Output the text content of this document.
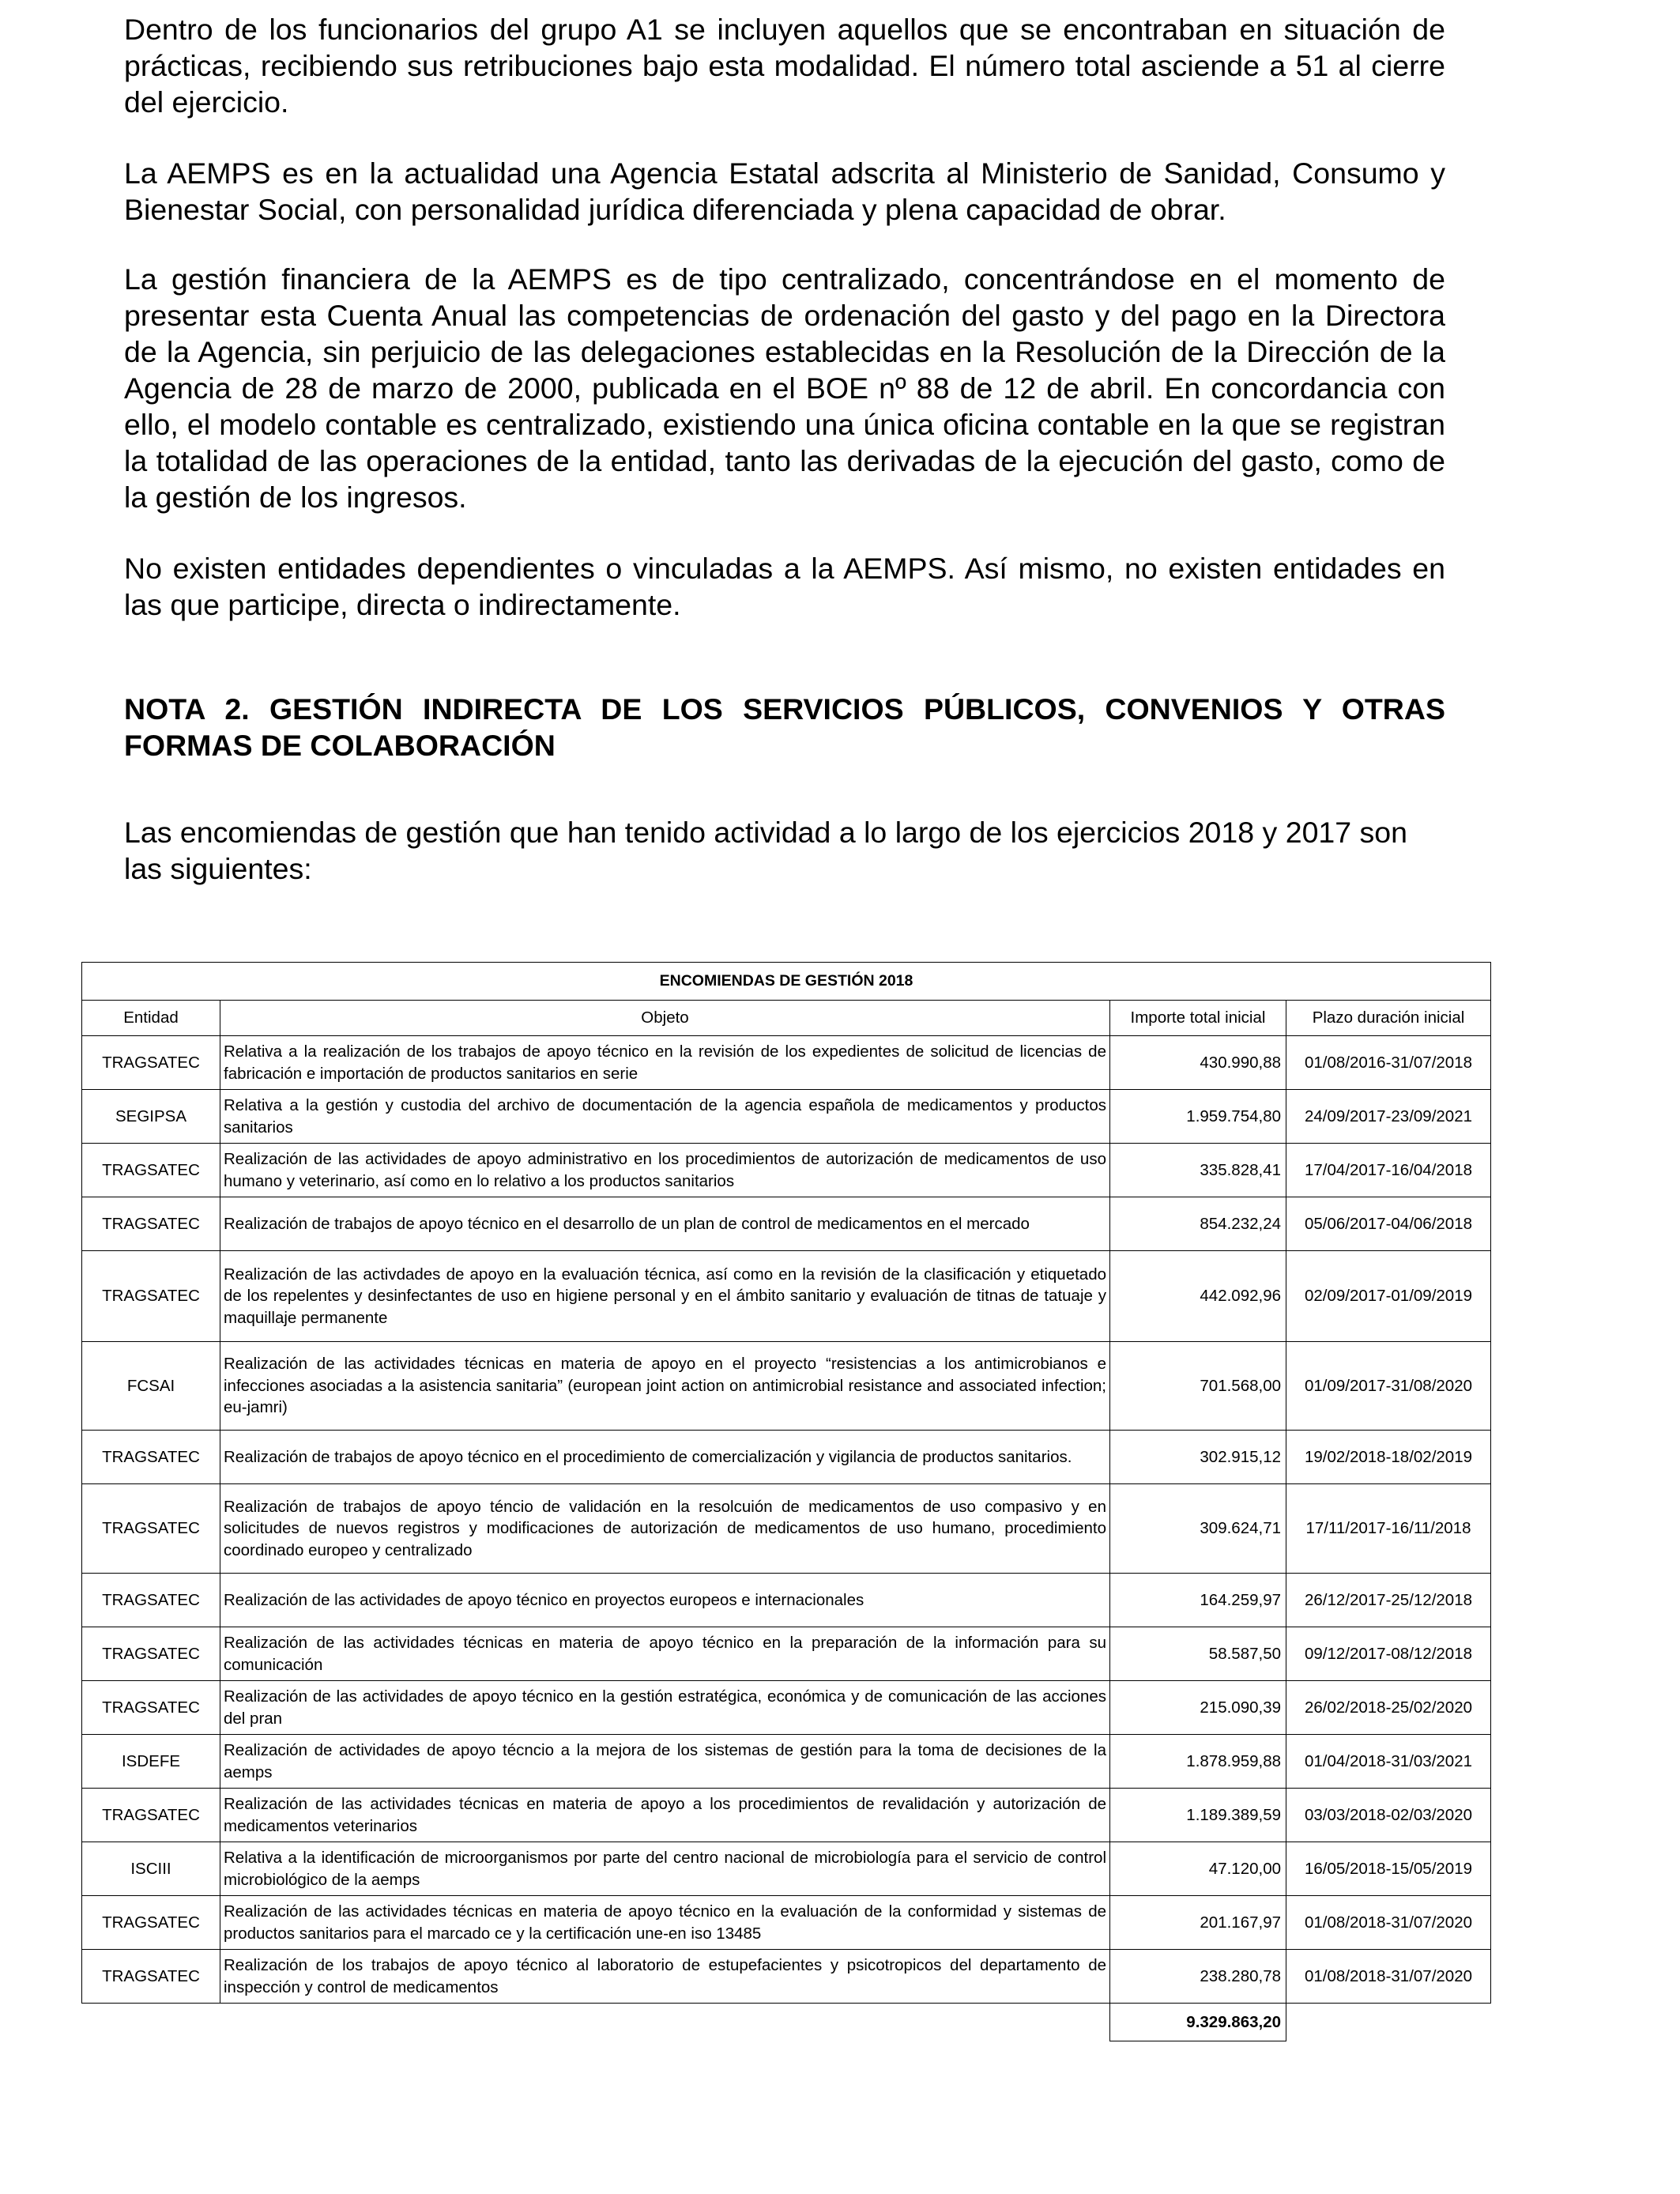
Dentro de los funcionarios del grupo A1 se incluyen aquellos que se encontraban en situación de prácticas, recibiendo sus retribuciones bajo esta modalidad. El número total asciende a 51 al cierre del ejercicio.

La AEMPS es en la actualidad una Agencia Estatal adscrita al Ministerio de Sanidad, Consumo y Bienestar Social, con personalidad jurídica diferenciada y plena capacidad de obrar.

La gestión financiera de la AEMPS es de tipo centralizado, concentrándose en el momento de presentar esta Cuenta Anual las competencias de ordenación del gasto y del pago en la Directora de la Agencia, sin perjuicio de las delegaciones establecidas en la Resolución de la Dirección de la Agencia de 28 de marzo de 2000, publicada en el BOE nº 88 de 12 de abril. En concordancia con ello, el modelo contable es centralizado, existiendo una única oficina contable en la que se registran la totalidad de las operaciones de la entidad, tanto las derivadas de la ejecución del gasto, como de la gestión de los ingresos.

No existen entidades dependientes o vinculadas a la AEMPS. Así mismo, no existen entidades en las que participe, directa o indirectamente.

NOTA 2. GESTIÓN INDIRECTA DE LOS SERVICIOS PÚBLICOS, CONVENIOS Y OTRAS FORMAS DE COLABORACIÓN

Las encomiendas de gestión que han tenido actividad a lo largo de los ejercicios 2018 y 2017 son las siguientes:

ENCOMIENDAS DE GESTIÓN 2018			
Entidad	Objeto	Importe total inicial	Plazo duración inicial
TRAGSATEC	Relativa a la realización de los trabajos de apoyo técnico en la revisión de los expedientes de solicitud de licencias de fabricación e importación de productos sanitarios en serie	430.990,88	01/08/2016-31/07/2018
SEGIPSA	Relativa a la gestión y custodia del archivo de documentación de la agencia española de medicamentos y productos sanitarios	1.959.754,80	24/09/2017-23/09/2021
TRAGSATEC	Realización de las actividades de apoyo administrativo en los procedimientos de autorización de medicamentos de uso humano y veterinario, así como en lo relativo a los productos sanitarios	335.828,41	17/04/2017-16/04/2018
TRAGSATEC	Realización de trabajos de apoyo técnico en el desarrollo de un plan de control de medicamentos en el mercado	854.232,24	05/06/2017-04/06/2018
TRAGSATEC	Realización de las activdades de apoyo en la evaluación técnica, así como en la revisión de la clasificación y etiquetado de los repelentes y desinfectantes de uso en higiene personal y en el ámbito sanitario y evaluación de titnas de tatuaje y maquillaje permanente	442.092,96	02/09/2017-01/09/2019
FCSAI	Realización de las actividades técnicas en materia de apoyo en el proyecto “resistencias a los antimicrobianos e infecciones asociadas a la asistencia sanitaria” (european joint action on antimicrobial resistance and associated infection; eu-jamri)	701.568,00	01/09/2017-31/08/2020
TRAGSATEC	Realización de trabajos de apoyo técnico en el procedimiento de comercialización y vigilancia de productos sanitarios.	302.915,12	19/02/2018-18/02/2019
TRAGSATEC	Realización de trabajos de apoyo téncio de validación en la resolcuión de medicamentos de uso compasivo y en solicitudes de nuevos registros y modificaciones de autorización de medicamentos de uso humano, procedimiento coordinado europeo y centralizado	309.624,71	17/11/2017-16/11/2018
TRAGSATEC	Realización de las actividades de apoyo técnico en proyectos europeos e internacionales	164.259,97	26/12/2017-25/12/2018
TRAGSATEC	Realización de las actividades técnicas en materia de apoyo técnico en la preparación de la información para su comunicación	58.587,50	09/12/2017-08/12/2018
TRAGSATEC	Realización de las actividades de apoyo técnico en la gestión estratégica, económica y de comunicación de las acciones del pran	215.090,39	26/02/2018-25/02/2020
ISDEFE	Realización de actividades de apoyo técncio a la mejora de los sistemas de gestión para la toma de decisiones de la aemps	1.878.959,88	01/04/2018-31/03/2021
TRAGSATEC	Realización de las actividades técnicas en materia de apoyo a los procedimientos de revalidación y autorización de medicamentos veterinarios	1.189.389,59	03/03/2018-02/03/2020
ISCIII	Relativa a la identificación de microorganismos por parte del centro nacional de microbiología para el servicio de control microbiológico de la aemps	47.120,00	16/05/2018-15/05/2019
TRAGSATEC	Realización de las actividades técnicas en materia de apoyo técnico en la evaluación de la conformidad y sistemas de productos sanitarios para el marcado ce y la certificación une-en iso 13485	201.167,97	01/08/2018-31/07/2020
TRAGSATEC	Realización de los trabajos de apoyo técnico al laboratorio de estupefacientes y psicotropicos del departamento de inspección y control de medicamentos	238.280,78	01/08/2018-31/07/2020
		9.329.863,20	
